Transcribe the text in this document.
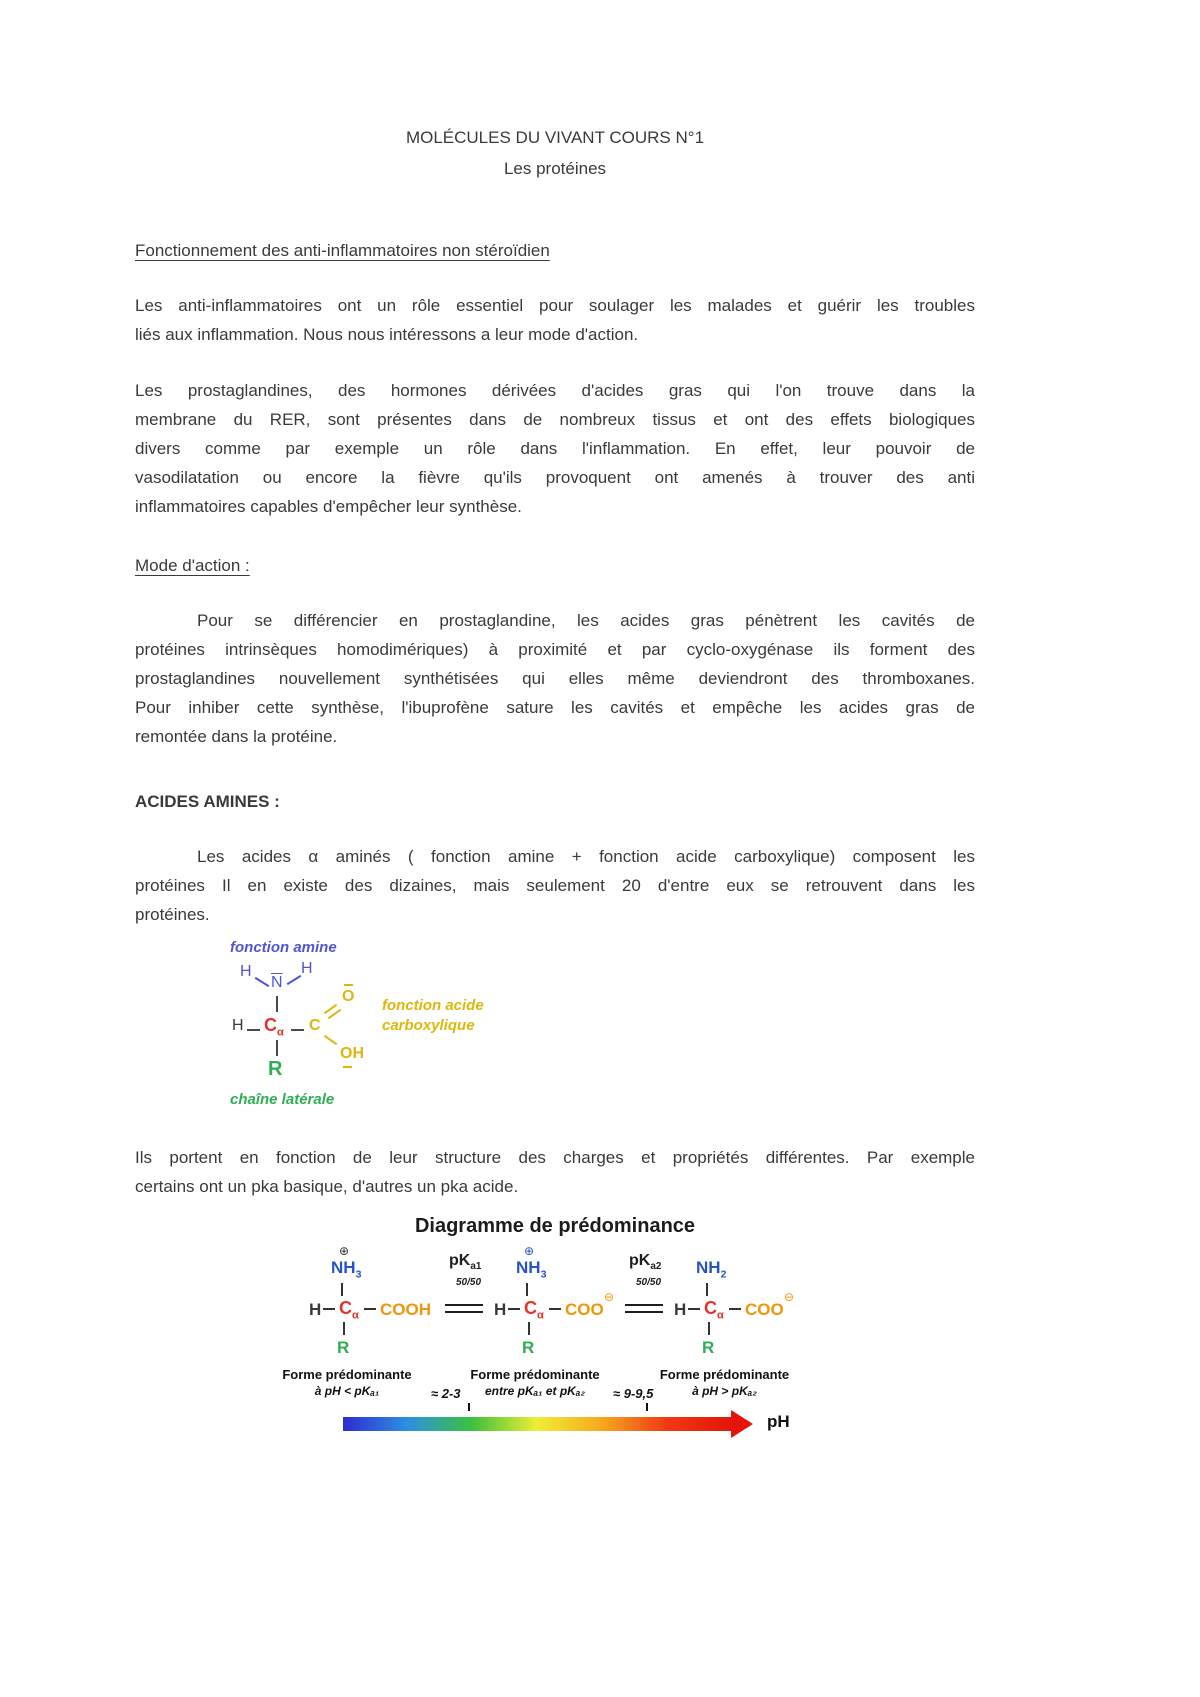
MOLÉCULES DU VIVANT COURS N°1
Les protéines
Fonctionnement des anti-inflammatoires non stéroïdien
Les anti-inflammatoires ont un rôle essentiel pour soulager les malades et guérir les troubles
liés aux inflammation. Nous nous intéressons a leur mode d'action.
Les prostaglandines, des hormones dérivées d'acides gras qui l'on trouve dans la
membrane du RER, sont présentes dans de nombreux tissus et ont des effets biologiques
divers comme par exemple un rôle dans l'inflammation. En effet, leur pouvoir de
vasodilatation ou encore la fièvre qu'ils provoquent ont amenés à trouver des anti
inflammatoires capables d'empêcher leur synthèse.
Mode d'action :
Pour se différencier en prostaglandine, les acides gras pénètrent les cavités de
protéines intrinsèques homodimériques) à proximité et par cyclo-oxygénase ils forment des
prostaglandines nouvellement synthétisées qui elles même deviendront des thromboxanes.
Pour inhiber cette synthèse, l'ibuprofène sature les cavités et empêche les acides gras de
remontée dans la protéine.
ACIDES AMINES :
Les acides α aminés ( fonction amine + fonction acide carboxylique) composent les
protéines Il en existe des dizaines, mais seulement 20 d'entre eux se retrouvent dans les
protéines.
fonction amine
H
$\overline{N}$
H
H $C_\alpha$ C
O
OH
fonction acide
carboxylique
R
chaîne latérale
Ils portent en fonction de leur structure des charges et propriétés différentes. Par exemple
certains ont un pka basique, d'autres un pka acide.
Diagramme de prédominance
⊕
$NH_3$
H $C_\alpha$ COOH
R
$pK_{a1}$
50/50
⊕
$NH_3$
H $C_\alpha$ COO
⊖
R
$pK_{a2}$
50/50
$NH_2$
H $C_\alpha$ COO
⊖
R
Forme prédominante
à pH < pKₐ₁	≈ 2-3
Forme prédominante
entre pKₐ₁ et pKₐ₂	≈ 9-9,5
Forme prédominante
à pH > pKₐ₂
pH
